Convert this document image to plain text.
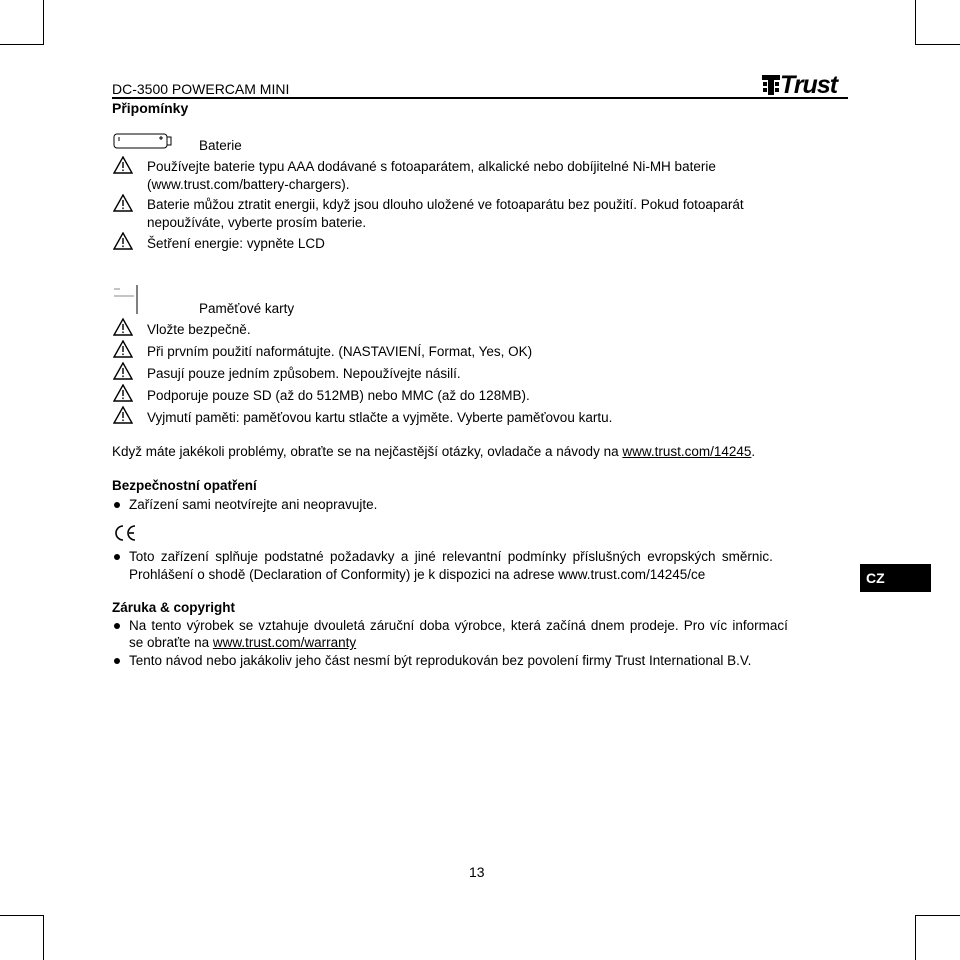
DC-3500 POWERCAM MINI
Připomínky
Trust
Baterie
Používejte baterie typu AAA dodávané s fotoaparátem, alkalické nebo dobíjitelné Ni-MH baterie
(www.trust.com/battery-chargers).
Baterie můžou ztratit energii, když jsou dlouho uložené ve fotoaparátu bez použití. Pokud fotoaparát
nepoužíváte, vyberte prosím baterie.
Šetření energie: vypněte LCD
Paměťové karty
Vložte bezpečně.
Při prvním použití naformátujte. (NASTAVIENÍ, Format, Yes, OK)
Pasují pouze jedním způsobem. Nepoužívejte násilí.
Podporuje pouze SD (až do 512MB) nebo MMC (až do 128MB).
Vyjmutí paměti: paměťovou kartu stlačte a vyjměte. Vyberte paměťovou kartu.
Když máte jakékoli problémy, obraťte se na nejčastější otázky, ovladače a návody na www.trust.com/14245.
Bezpečnostní opatření
Zařízení sami neotvírejte ani neopravujte.
Toto zařízení splňuje podstatné požadavky a jiné relevantní podmínky příslušných evropských směrnic.
Prohlášení o shodě (Declaration of Conformity) je k dispozici na adrese www.trust.com/14245/ce	CZ
Záruka & copyright
Na tento výrobek se vztahuje dvouletá záruční doba výrobce, která začíná dnem prodeje. Pro víc informací
se obraťte na www.trust.com/warranty
Tento návod nebo jakákoliv jeho část nesmí být reprodukován bez povolení firmy Trust International B.V.
13
